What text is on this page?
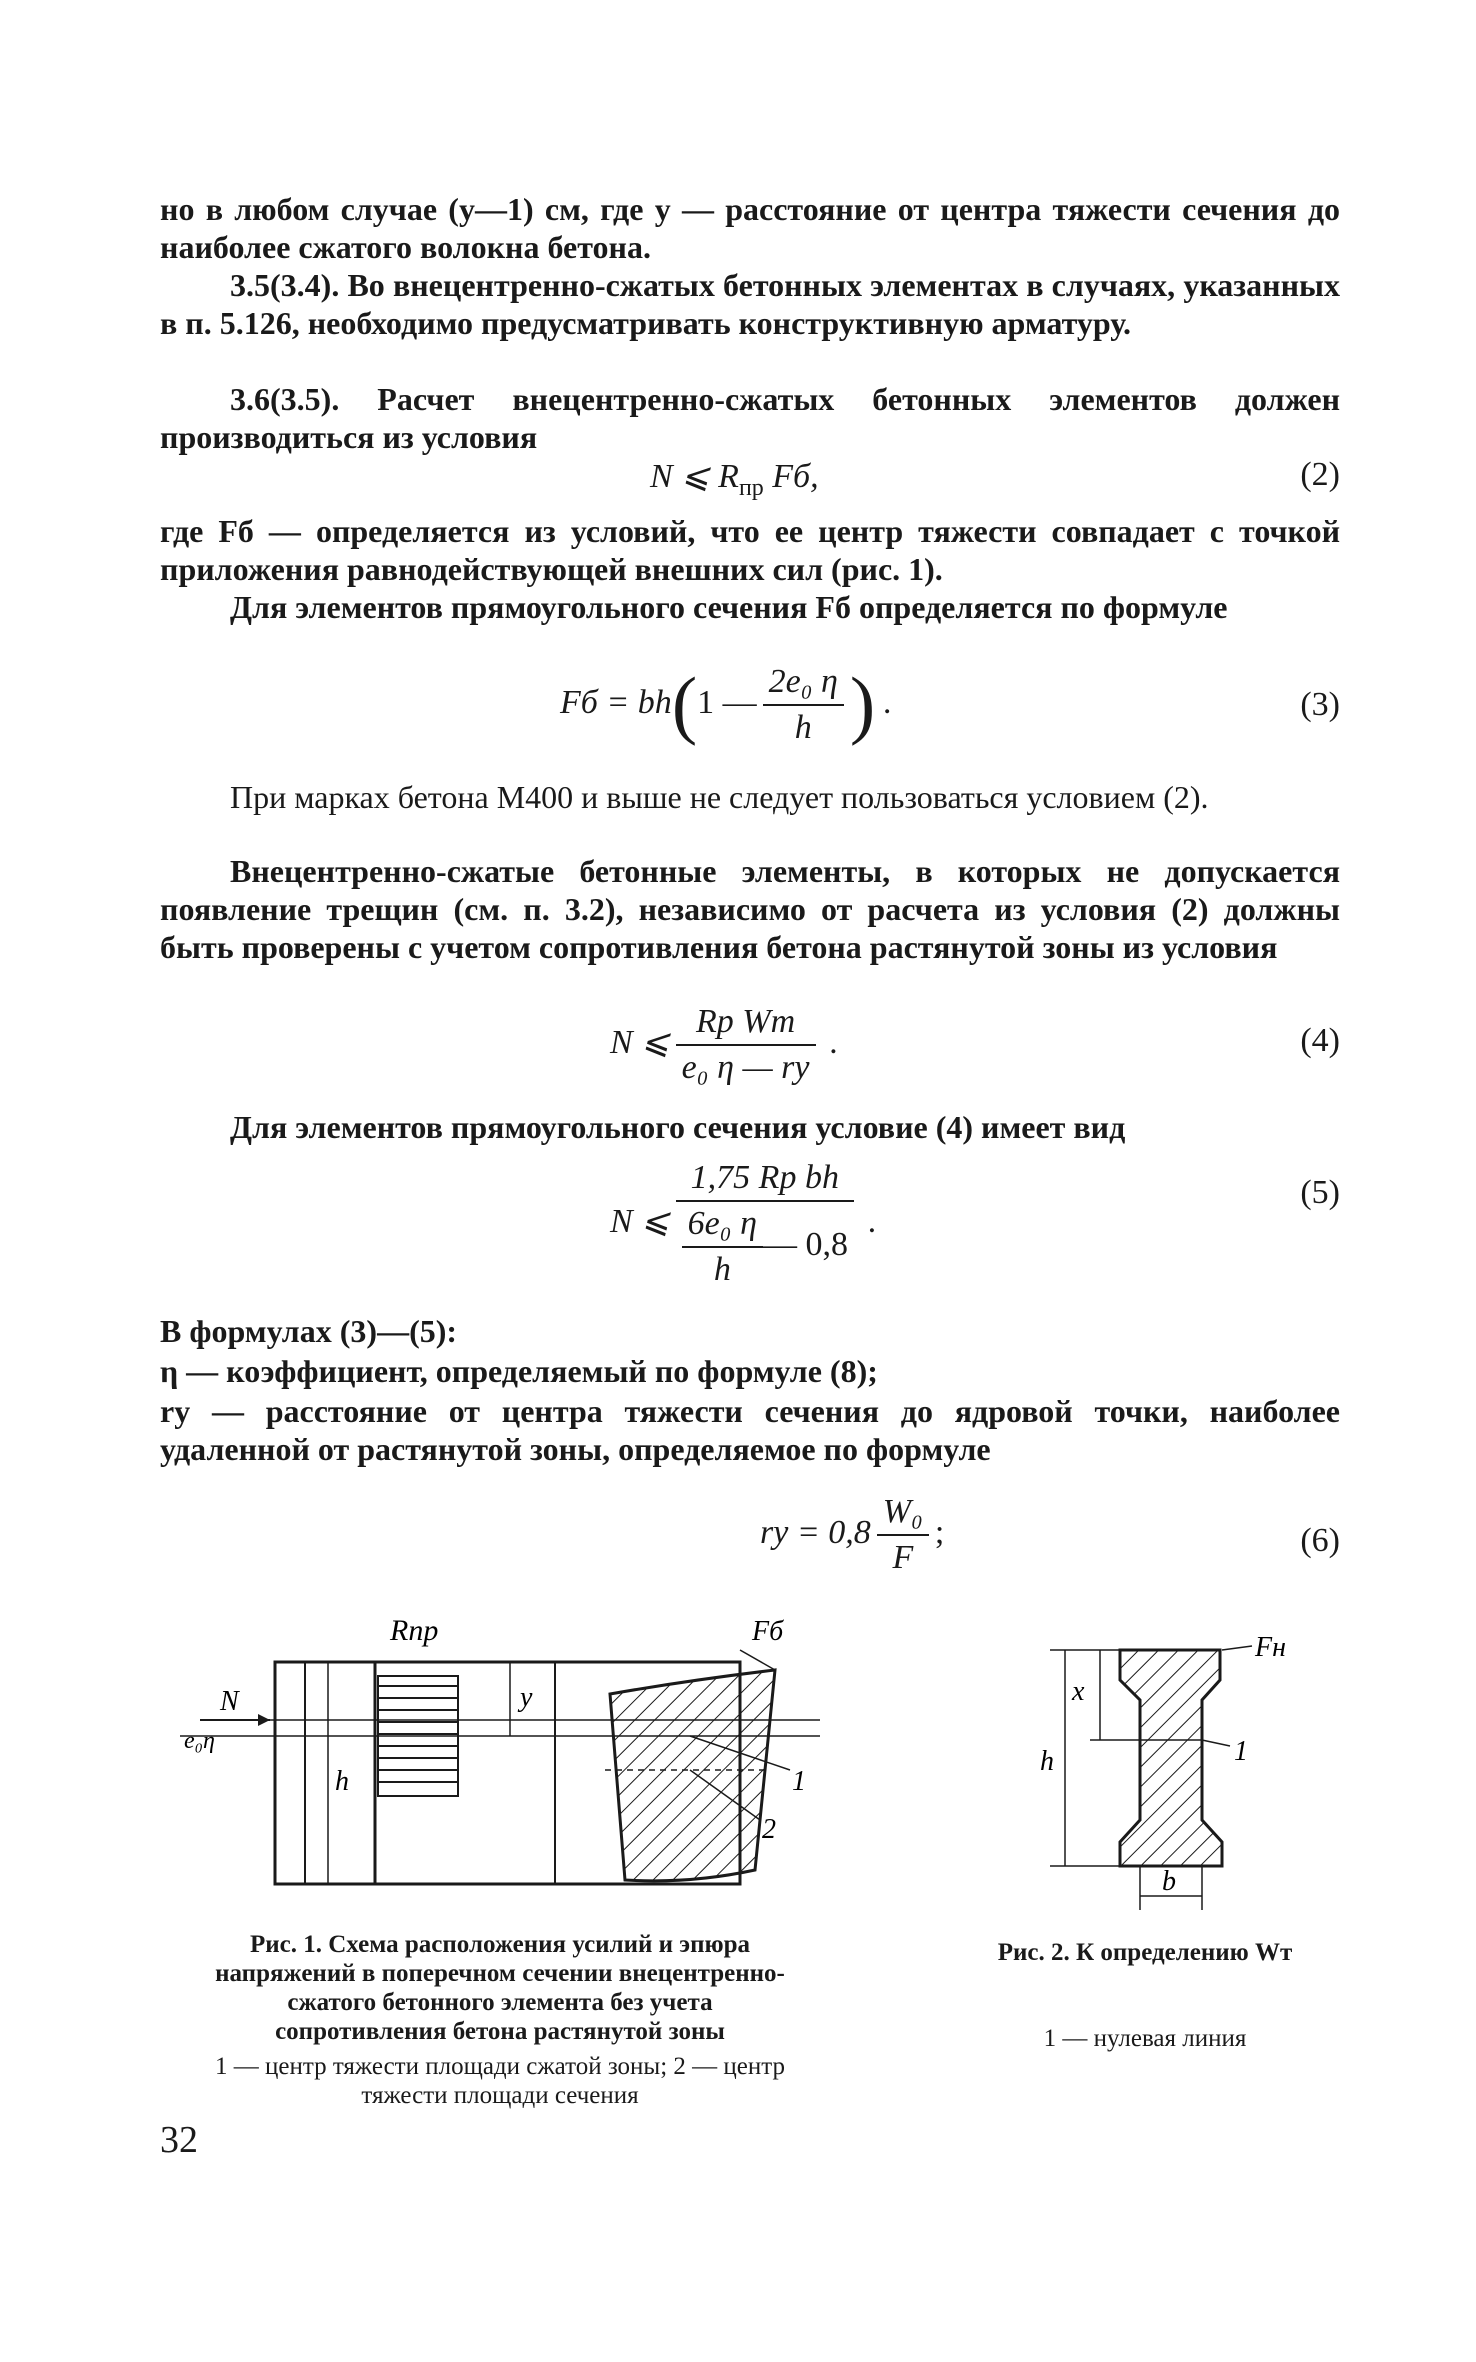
но в любом случае (y—1) см, где y — расстояние от центра тяжести сечения до наиболее сжатого волокна бетона.
3.5(3.4). Во внецентренно-сжатых бетонных элементах в случаях, указанных в п. 5.126, необходимо предусматривать конструктивную арматуру.
3.6(3.5). Расчет внецентренно-сжатых бетонных элементов должен производиться из условия
N ⩽ $R_{пр}$ Fб,	(2)
где Fб — определяется из условий, что ее центр тяжести совпадает с точкой приложения равнодействующей внешних сил (рис. 1).
Для элементов прямоугольного сечения Fб определяется по формуле
Fб = bh(1 — $\frac{\text{2e₀ η}}{h}$ ) .	(3)
При марках бетона М400 и выше не следует пользоваться условием (2).
Внецентренно-сжатые бетонные элементы, в которых не допускается появление трещин (см. п. 3.2), независимо от расчета из условия (2) должны быть проверены с учетом сопротивления бетона растянутой зоны из условия
N ⩽ $\frac{\text{Rр Wт}}{\text{e₀ η — rу}}$ .	(4)
Для элементов прямоугольного сечения условие (4) имеет вид
N ⩽ $\frac{\text{1,75 Rр bh}}{\frac{\text{6e₀ η}}{h} — 0,8}$ .
(5)
В формулах (3)—(5):
η — коэффициент, определяемый по формуле (8);
rу — расстояние от центра тяжести сечения до ядровой точки, наиболее удаленной от растянутой зоны, определяемое по формуле
rу = $0,8 \frac{\text{W₀}}{F}$ ;	(6)
Rпр	Fб
N
e₀η
y
h	1
2
Рис. 1. Схема расположения усилий и эпюра напряжений в поперечном сечении внецентренно-сжатого бетонного элемента без учета сопротивления бетона растянутой зоны
1 — центр тяжести площади сжатой зоны; 2 — центр тяжести площади сечения
Fн
x
h	1
b
Рис. 2. К определению Wт
1 — нулевая линия
32
